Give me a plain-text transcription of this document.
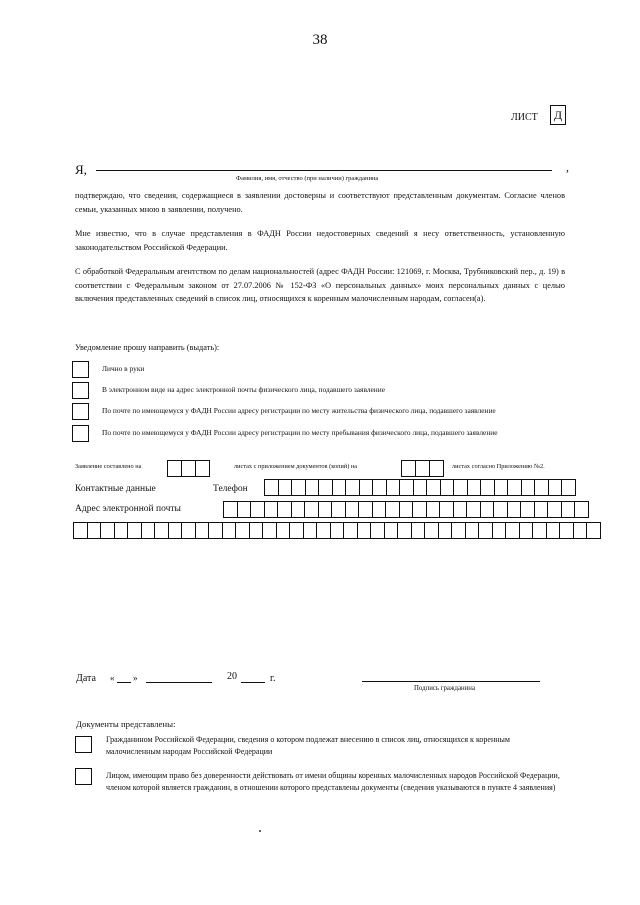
38
ЛИСТ	Д
Я,	,
Фамилия, имя, отчество (при наличии) гражданина
подтверждаю, что сведения, содержащиеся в заявлении достоверны и соответствуют представленным документам. Согласие членов семьи, указанных мною в заявлении, получено.
Мне известно, что в случае представления в ФАДН России недостоверных сведений я несу ответственность, установленную законодательством Российской Федерации.
С обработкой Федеральным агентством по делам национальностей (адрес ФАДН России: 121069, г. Москва, Трубниковский пер., д. 19) в соответствии с Федеральным законом от 27.07.2006 № 152-ФЗ «О персональных данных» моих персональных данных с целью включения представленных сведений в список лиц, относящихся к коренным малочисленным народам, согласен(а).
Уведомление прошу направить (выдать):
Лично в руки
В электронном виде на адрес электронной почты физического лица, подавшего заявление
По почте по имеющемуся у ФАДН России адресу регистрации по месту жительства физического лица, подавшего заявление
По почте по имеющемуся у ФАДН России адресу регистрации по месту пребывания физического лица, подавшего заявление
Заявление составлено на	листах с приложением документов (копий) на	листах согласно Приложению №2.
Контактные данные	Телефон
Адрес электронной почты
Дата « »	20	г.
Подпись гражданина
Документы представлены:
Гражданином Российской Федерации, сведения о котором подлежат внесению в список лиц, относящихся к коренным малочисленным народам Российской Федерации
Лицом, имеющим право без доверенности действовать от имени общины коренных малочисленных народов Российской Федерации, членом которой является гражданин, в отношении которого представлены документы (сведения указываются в пункте 4 заявления)
